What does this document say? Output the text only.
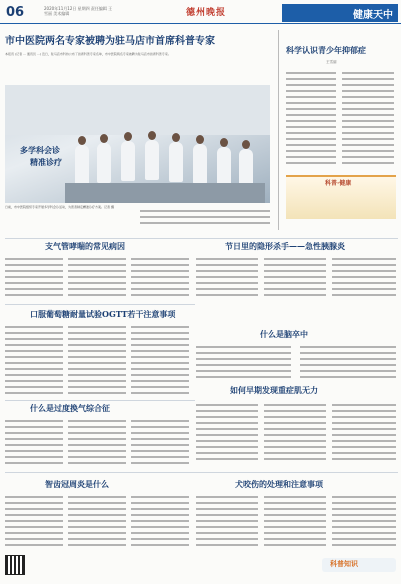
06	2020年11月12日 星期四 责任编辑 王雪丽 美术编辑	德州晚报	健康天中
市中医院两名专家被聘为驻马店市首席科普专家
本报讯 (记者 ... 通讯员 ...) 近日，驻马店市科协公布了首席科普专家名单，市中医院两名专家被聘为驻马店市首席科普专家。
多学科会诊
精准诊疗
日前，市中医院组织专家开展多学科会诊活动，为患者制定精准诊疗方案。记者 摄
科学认识青少年抑郁症
王雪丽
科普·健康
支气管哮喘的常见病因	节日里的隐形杀手——急性胰腺炎
口服葡萄糖耐量试验OGTT若干注意事项
什么是脑卒中
如何早期发现重症肌无力
什么是过度换气综合征
智齿冠周炎是什么	犬咬伤的处理和注意事项
科普知识
